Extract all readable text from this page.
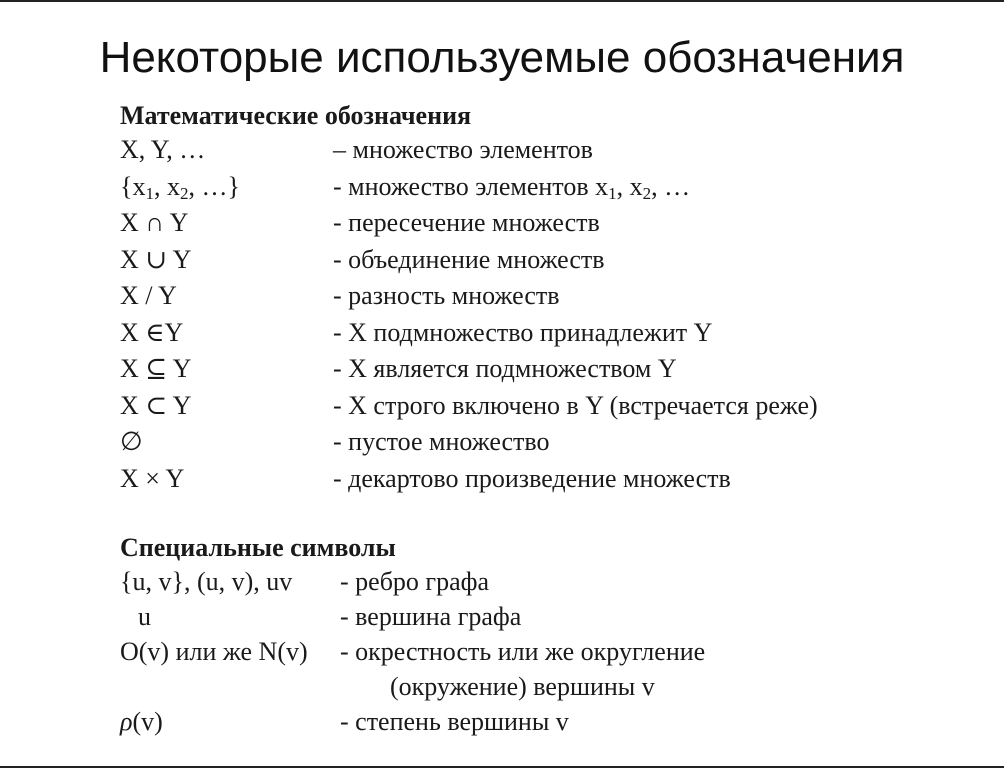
Некоторые используемые обозначения
Математические обозначения
X, Y, …	– множество элементов
{$x_1$, $x_2$, …}	- множество элементов $x_1$, $x_2$, …
X ∩ Y	- пересечение множеств
X ∪ Y	- объединение множеств
X / Y	- разность множеств
X ∈Y	- X подмножество принадлежит Y
X ⊆ Y	- X является подмножеством Y
X ⊂ Y	- X строго включено в Y (встречается реже)
∅	- пустое множество
X × Y	- декартово произведение множеств
Специальные символы
{u, v}, (u, v), uv - ребро графа
u	- вершина графа
O(v) или же N(v) - окрестность или же округление
(окружение) вершины v
ρ(v)	- степень вершины v
